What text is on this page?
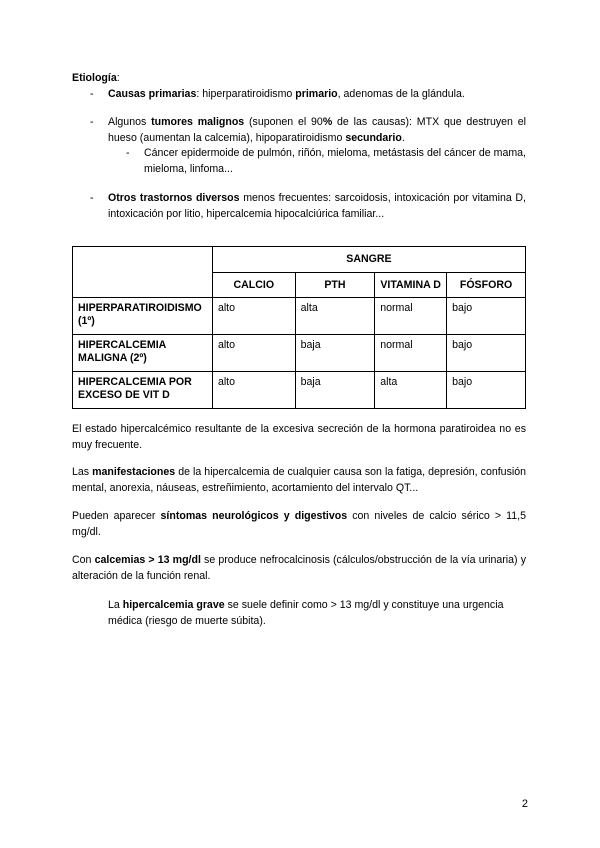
Etiología:
- Causas primarias: hiperparatiroidismo primario, adenomas de la glándula.
- Algunos tumores malignos (suponen el 90% de las causas): MTX que destruyen el hueso (aumentan la calcemia), hipoparatiroidismo secundario.
- Cáncer epidermoide de pulmón, riñón, mieloma, metástasis del cáncer de mama, mieloma, linfoma...
- Otros trastornos diversos menos frecuentes: sarcoidosis, intoxicación por vitamina D, intoxicación por litio, hipercalcemia hipocalciúrica familiar...
	SANGRE			
	CALCIO	PTH	VITAMINA D	FÓSFORO
HIPERPARATIROIDISMO (1º)	alto	alta	normal	bajo
HIPERCALCEMIA MALIGNA (2º)	alto	baja	normal	bajo
HIPERCALCEMIA POR EXCESO DE VIT D	alto	baja	alta	bajo
El estado hipercalcémico resultante de la excesiva secreción de la hormona paratiroidea no es muy frecuente.
Las manifestaciones de la hipercalcemia de cualquier causa son la fatiga, depresión, confusión mental, anorexia, náuseas, estreñimiento, acortamiento del intervalo QT...
Pueden aparecer síntomas neurológicos y digestivos con niveles de calcio sérico > 11,5 mg/dl.
Con calcemias > 13 mg/dl se produce nefrocalcinosis (cálculos/obstrucción de la vía urinaria) y alteración de la función renal.
La hipercalcemia grave se suele definir como > 13 mg/dl y constituye una urgencia médica (riesgo de muerte súbita).
2
